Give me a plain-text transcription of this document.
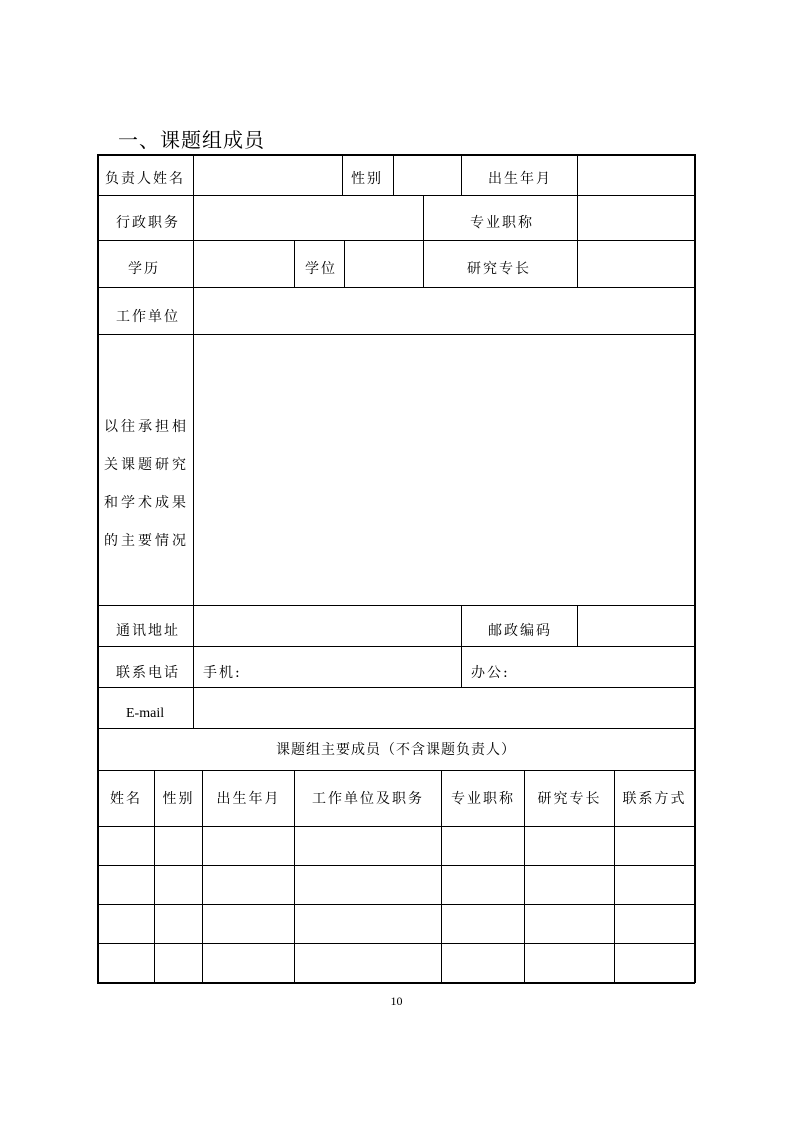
一、课题组成员
负责人姓名	性别	出生年月
行政职务	专业职称
学历	学位	研究专长
工作单位
以往承担相
关课题研究
和学术成果
的主要情况
通讯地址	邮政编码
联系电话 手机:	办公:
E-mail
课题组主要成员（不含课题负责人）
姓名	性别	出生年月	工作单位及职务	专业职称	研究专长	联系方式
10
